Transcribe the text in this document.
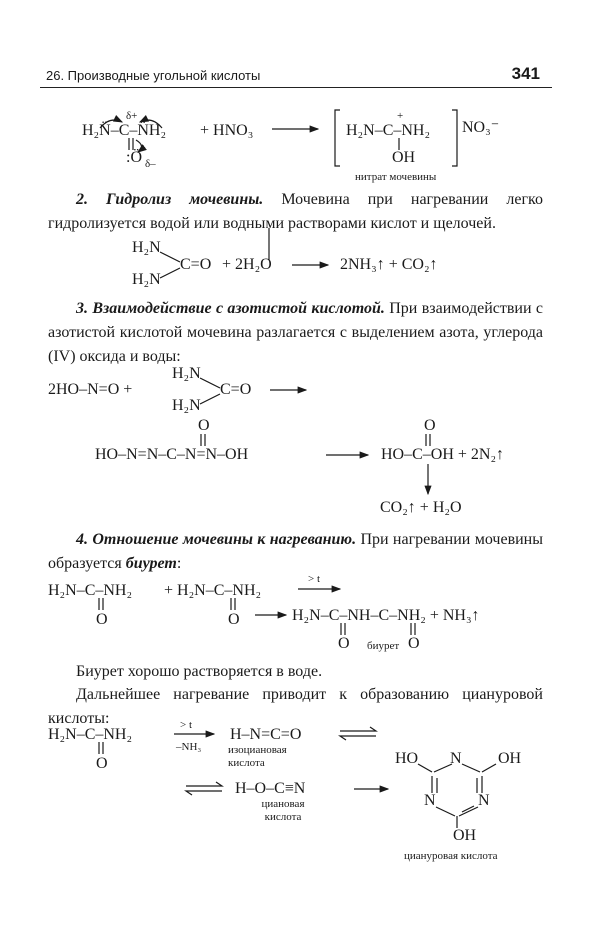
26. Производные угольной кислоты	341
H₂N̈–C–N̈H₂
δ+
:Ö δ–
+ HNO₃	H₂N–C–NH₂
+
OH
NO₃⁻
нитрат мочевины
2. Гидролиз мочевины. Мочевина при нагревании легко гидролизуется водой или водными растворами кислот и щелочей.
H₂N
H₂N
C=O + 2H₂O	2NH₃↑ + CO₂↑
3. Взаимодействие с азотистой кислотой. При взаимодействии с азотистой кислотой мочевина разлагается с выделением азота, углерода (IV) оксида и воды:
2HO–N=O +
H₂N
H₂N
C=O
O
HO–N=N–C–N=N–OH
O
HO–C–OH + 2N₂↑
CO₂↑ + H₂O
4. Отношение мочевины к нагреванию. При нагревании мочевины образуется биурет:
H₂N–C–NH₂ + H₂N–C–NH₂
O	O
> t
H₂N–C–NH–C–NH₂ + NH₃↑
O	O
биурет
Биурет хорошо растворяется в воде.
Дальнейшее нагревание приводит к образованию циануровой кислоты:
H₂N–C–NH₂
O
> t
–NH₃
H–N=C=O
изоциановая кислота
H–O–C≡N
циановая кислота
HO N OH
N	N
OH
циануровая кислота
